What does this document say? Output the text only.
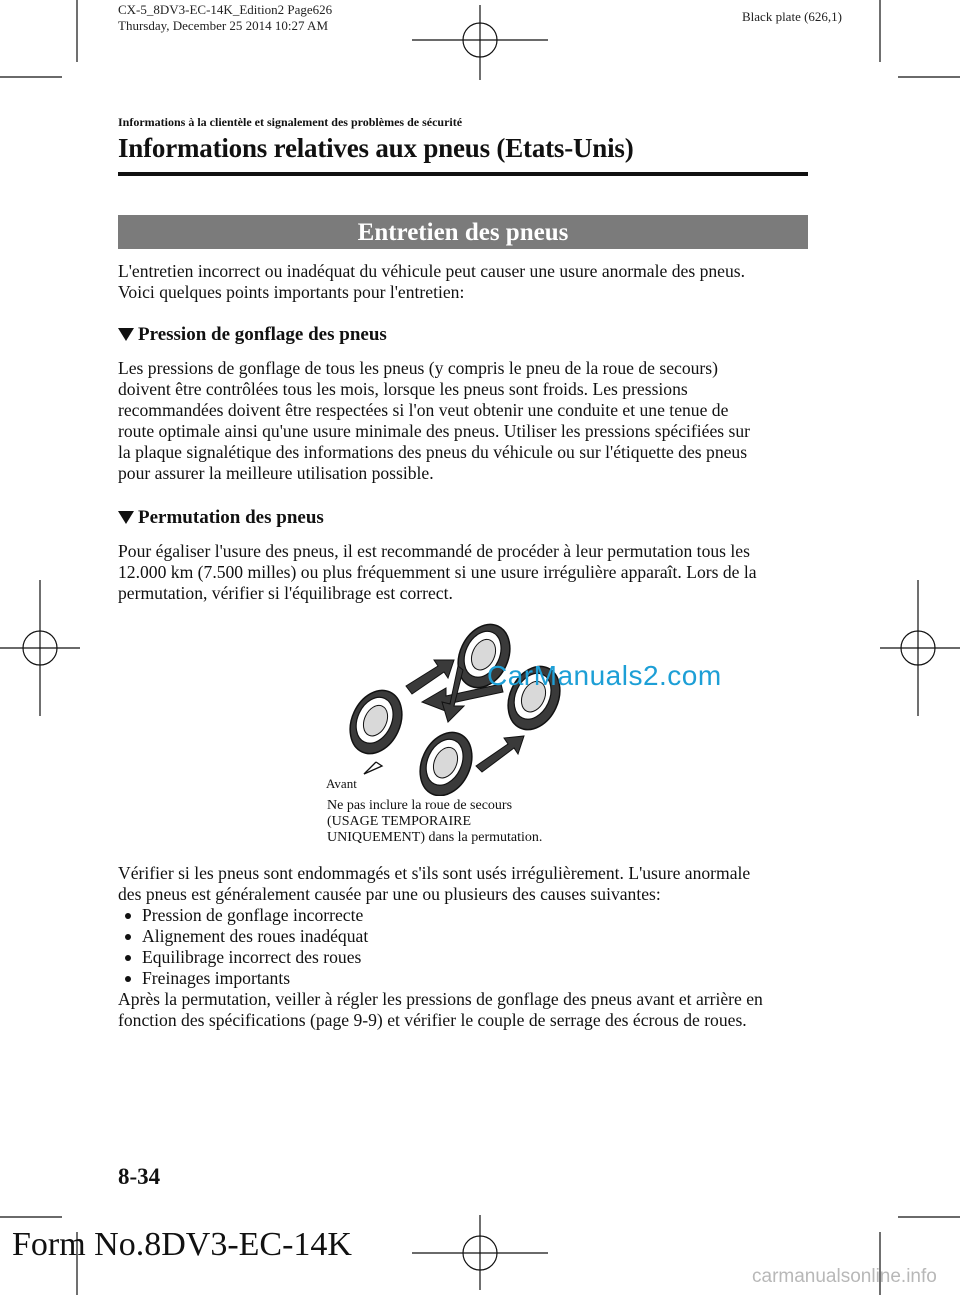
CX-5_8DV3-EC-14K_Edition2 Page626
Thursday, December 25 2014 10:27 AM
Black plate (626,1)
Informations à la clientèle et signalement des problèmes de sécurité
Informations relatives aux pneus (Etats-Unis)
Entretien des pneus
L'entretien incorrect ou inadéquat du véhicule peut causer une usure anormale des pneus.
Voici quelques points importants pour l'entretien:
Pression de gonflage des pneus
Les pressions de gonflage de tous les pneus (y compris le pneu de la roue de secours)
doivent être contrôlées tous les mois, lorsque les pneus sont froids. Les pressions
recommandées doivent être respectées si l'on veut obtenir une conduite et une tenue de
route optimale ainsi qu'une usure minimale des pneus. Utiliser les pressions spécifiées sur
la plaque signalétique des informations des pneus du véhicule ou sur l'étiquette des pneus
pour assurer la meilleure utilisation possible.
Permutation des pneus
Pour égaliser l'usure des pneus, il est recommandé de procéder à leur permutation tous les
12.000 km (7.500 milles) ou plus fréquemment si une usure irrégulière apparaît. Lors de la
permutation, vérifier si l'équilibrage est correct.
Avant
Ne pas inclure la roue de secours
(USAGE TEMPORAIRE
UNIQUEMENT) dans la permutation.
CarManuals2.com
Vérifier si les pneus sont endommagés et s'ils sont usés irrégulièrement. L'usure anormale
des pneus est généralement causée par une ou plusieurs des causes suivantes:
Pression de gonflage incorrecte
Alignement des roues inadéquat
Equilibrage incorrect des roues
Freinages importants
Après la permutation, veiller à régler les pressions de gonflage des pneus avant et arrière en
fonction des spécifications (page 9-9) et vérifier le couple de serrage des écrous de roues.
8-34
Form No.8DV3-EC-14K
carmanualsonline.info
